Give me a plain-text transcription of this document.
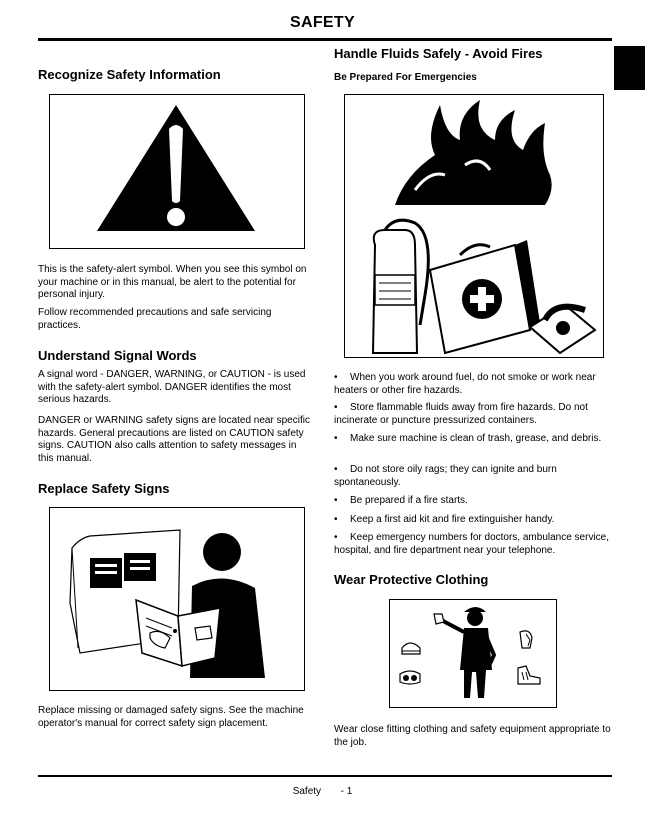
SAFETY
Recognize Safety Information

This is the safety-alert symbol. When you see this symbol on your machine or in this manual, be alert to the potential for personal injury.

Follow recommended precautions and safe servicing practices.

Understand Signal Words

A signal word - DANGER, WARNING, or CAUTION - is used with the safety-alert symbol. DANGER identifies the most serious hazards.

DANGER or WARNING safety signs are located near specific hazards. General precautions are listed on CAUTION safety signs. CAUTION also calls attention to safety messages in this manual.

Replace Safety Signs

Replace missing or damaged safety signs. See the machine operator's manual for correct safety sign placement.

Handle Fluids Safely - Avoid Fires
Be Prepared For Emergencies
• When you work around fuel, do not smoke or work near heaters or other fire hazards.
• Store flammable fluids away from fire hazards. Do not incinerate or puncture pressurized containers.
• Make sure machine is clean of trash, grease, and debris.
• Do not store oily rags; they can ignite and burn spontaneously.
• Be prepared if a fire starts.
• Keep a first aid kit and fire extinguisher handy.
• Keep emergency numbers for doctors, ambulance service, hospital, and fire department near your telephone.
Wear Protective Clothing

Wear close fitting clothing and safety equipment appropriate to the job.

Safety - 1
